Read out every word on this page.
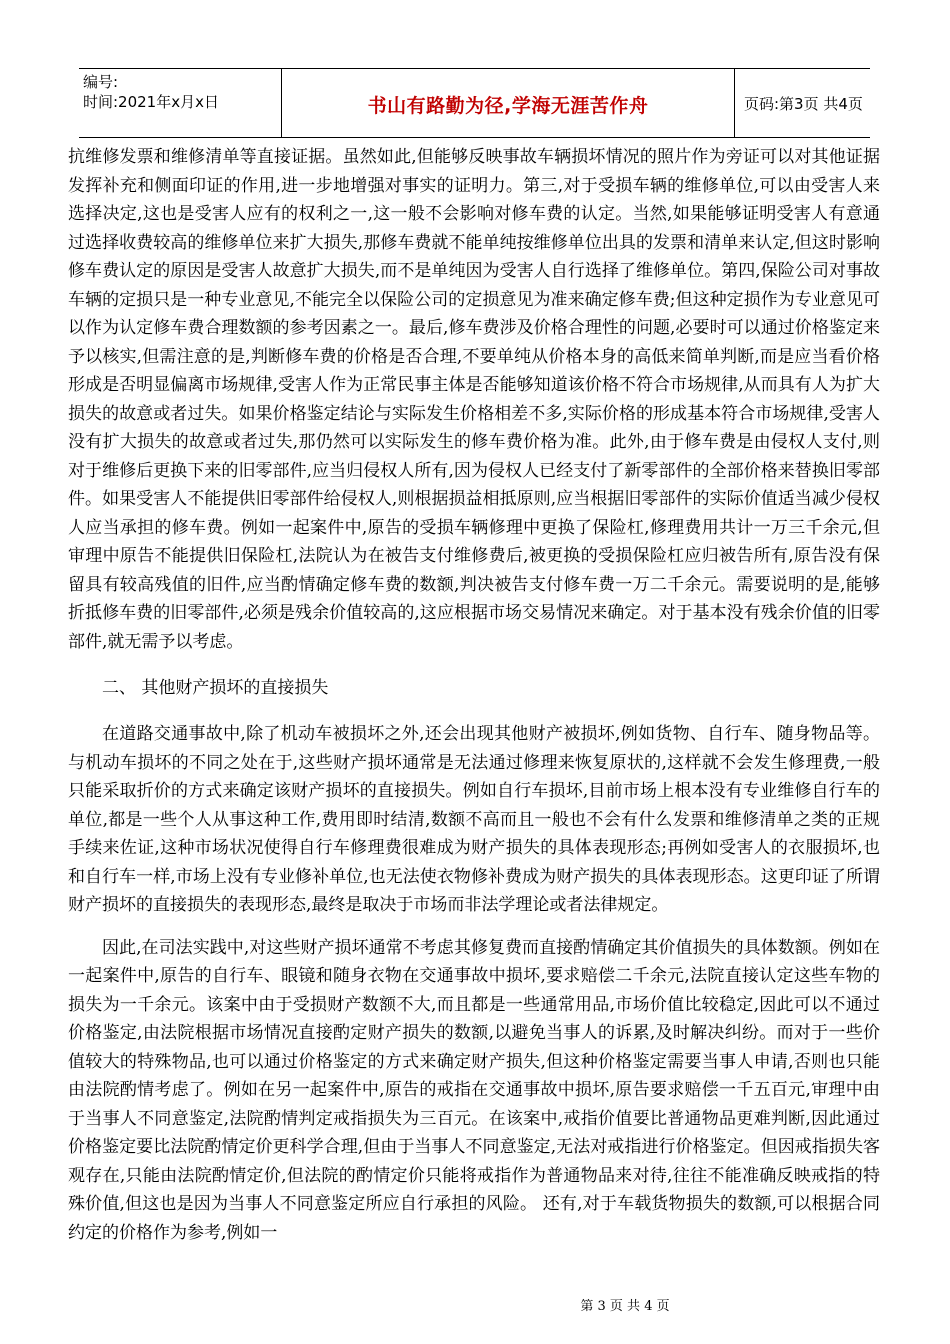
编号:
时间:2021年x月x日	书山有路勤为径,学海无涯苦作舟	页码:第3页 共4页

抗维修发票和维修清单等直接证据。虽然如此,但能够反映事故车辆损坏情况的照片作为旁证可以对其他证据发挥补充和侧面印证的作用,进一步地增强对事实的证明力。第三,对于受损车辆的维修单位,可以由受害人来选择决定,这也是受害人应有的权利之一,这一般不会影响对修车费的认定。当然,如果能够证明受害人有意通过选择收费较高的维修单位来扩大损失,那修车费就不能单纯按维修单位出具的发票和清单来认定,但这时影响修车费认定的原因是受害人故意扩大损失,而不是单纯因为受害人自行选择了维修单位。第四,保险公司对事故车辆的定损只是一种专业意见,不能完全以保险公司的定损意见为准来确定修车费;但这种定损作为专业意见可以作为认定修车费合理数额的参考因素之一。最后,修车费涉及价格合理性的问题,必要时可以通过价格鉴定来予以核实,但需注意的是,判断修车费的价格是否合理,不要单纯从价格本身的高低来简单判断,而是应当看价格形成是否明显偏离市场规律,受害人作为正常民事主体是否能够知道该价格不符合市场规律,从而具有人为扩大损失的故意或者过失。如果价格鉴定结论与实际发生价格相差不多,实际价格的形成基本符合市场规律,受害人没有扩大损失的故意或者过失,那仍然可以实际发生的修车费价格为准。此外,由于修车费是由侵权人支付,则对于维修后更换下来的旧零部件,应当归侵权人所有,因为侵权人已经支付了新零部件的全部价格来替换旧零部件。如果受害人不能提供旧零部件给侵权人,则根据损益相抵原则,应当根据旧零部件的实际价值适当减少侵权人应当承担的修车费。例如一起案件中,原告的受损车辆修理中更换了保险杠,修理费用共计一万三千余元,但审理中原告不能提供旧保险杠,法院认为在被告支付维修费后,被更换的受损保险杠应归被告所有,原告没有保留具有较高残值的旧件,应当酌情确定修车费的数额,判决被告支付修车费一万二千余元。需要说明的是,能够折抵修车费的旧零部件,必须是残余价值较高的,这应根据市场交易情况来确定。对于基本没有残余价值的旧零部件,就无需予以考虑。

二、 其他财产损坏的直接损失

在道路交通事故中,除了机动车被损坏之外,还会出现其他财产被损坏,例如货物、自行车、随身物品等。与机动车损坏的不同之处在于,这些财产损坏通常是无法通过修理来恢复原状的,这样就不会发生修理费,一般只能采取折价的方式来确定该财产损坏的直接损失。例如自行车损坏,目前市场上根本没有专业维修自行车的单位,都是一些个人从事这种工作,费用即时结清,数额不高而且一般也不会有什么发票和维修清单之类的正规手续来佐证,这种市场状况使得自行车修理费很难成为财产损失的具体表现形态;再例如受害人的衣服损坏,也和自行车一样,市场上没有专业修补单位,也无法使衣物修补费成为财产损失的具体表现形态。这更印证了所谓财产损坏的直接损失的表现形态,最终是取决于市场而非法学理论或者法律规定。

因此,在司法实践中,对这些财产损坏通常不考虑其修复费而直接酌情确定其价值损失的具体数额。例如在一起案件中,原告的自行车、眼镜和随身衣物在交通事故中损坏,要求赔偿二千余元,法院直接认定这些车物的损失为一千余元。该案中由于受损财产数额不大,而且都是一些通常用品,市场价值比较稳定,因此可以不通过价格鉴定,由法院根据市场情况直接酌定财产损失的数额,以避免当事人的诉累,及时解决纠纷。而对于一些价值较大的特殊物品,也可以通过价格鉴定的方式来确定财产损失,但这种价格鉴定需要当事人申请,否则也只能由法院酌情考虑了。例如在另一起案件中,原告的戒指在交通事故中损坏,原告要求赔偿一千五百元,审理中由于当事人不同意鉴定,法院酌情判定戒指损失为三百元。在该案中,戒指价值要比普通物品更难判断,因此通过价格鉴定要比法院酌情定价更科学合理,但由于当事人不同意鉴定,无法对戒指进行价格鉴定。但因戒指损失客观存在,只能由法院酌情定价,但法院的酌情定价只能将戒指作为普通物品来对待,往往不能准确反映戒指的特殊价值,但这也是因为当事人不同意鉴定所应自行承担的风险。 还有,对于车载货物损失的数额,可以根据合同约定的价格作为参考,例如一

第 3 页 共 4 页
